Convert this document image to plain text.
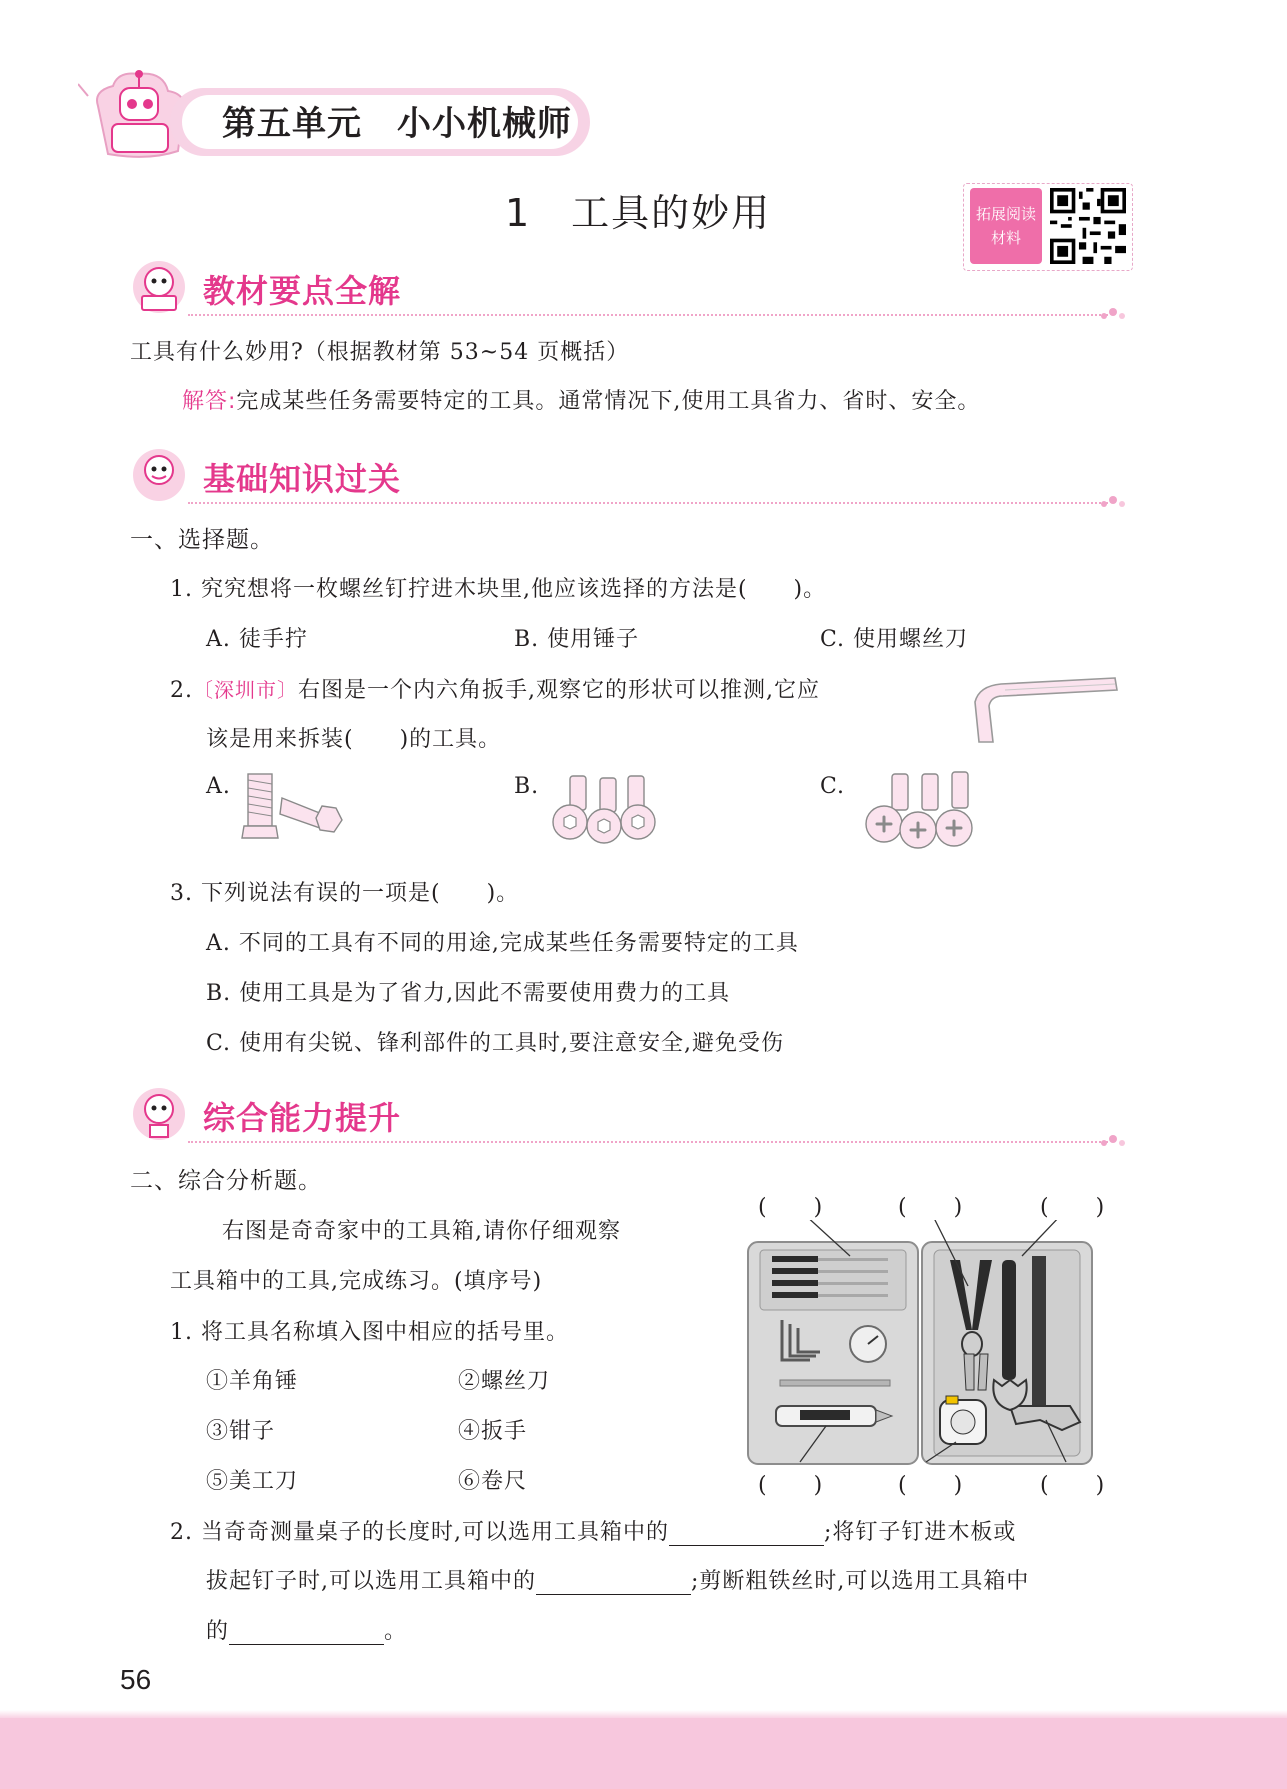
第五单元　小小机械师
1　工具的妙用	拓展阅读
材料
教材要点全解
工具有什么妙用?（根据教材第 53~54 页概括）
解答:完成某些任务需要特定的工具。通常情况下,使用工具省力、省时、安全。
基础知识过关
一、选择题。
1. 究究想将一枚螺丝钉拧进木块里,他应该选择的方法是(　　)。
A. 徒手拧	B. 使用锤子	C. 使用螺丝刀
2.〔深圳市〕右图是一个内六角扳手,观察它的形状可以推测,它应
该是用来拆装(　　)的工具。
A.	B.	C.
3. 下列说法有误的一项是(　　)。
A. 不同的工具有不同的用途,完成某些任务需要特定的工具
B. 使用工具是为了省力,因此不需要使用费力的工具
C. 使用有尖锐、锋利部件的工具时,要注意安全,避免受伤
综合能力提升
二、综合分析题。
右图是奇奇家中的工具箱,请你仔细观察
工具箱中的工具,完成练习。(填序号)
1. 将工具名称填入图中相应的括号里。
①羊角锤	②螺丝刀
③钳子	④扳手
⑤美工刀	⑥卷尺
(　　)	(　　)	(　　)
(　　)	(　　)	(　　)
2. 当奇奇测量桌子的长度时,可以选用工具箱中的	;将钉子钉进木板或
拔起钉子时,可以选用工具箱中的	;剪断粗铁丝时,可以选用工具箱中
的	。
56
